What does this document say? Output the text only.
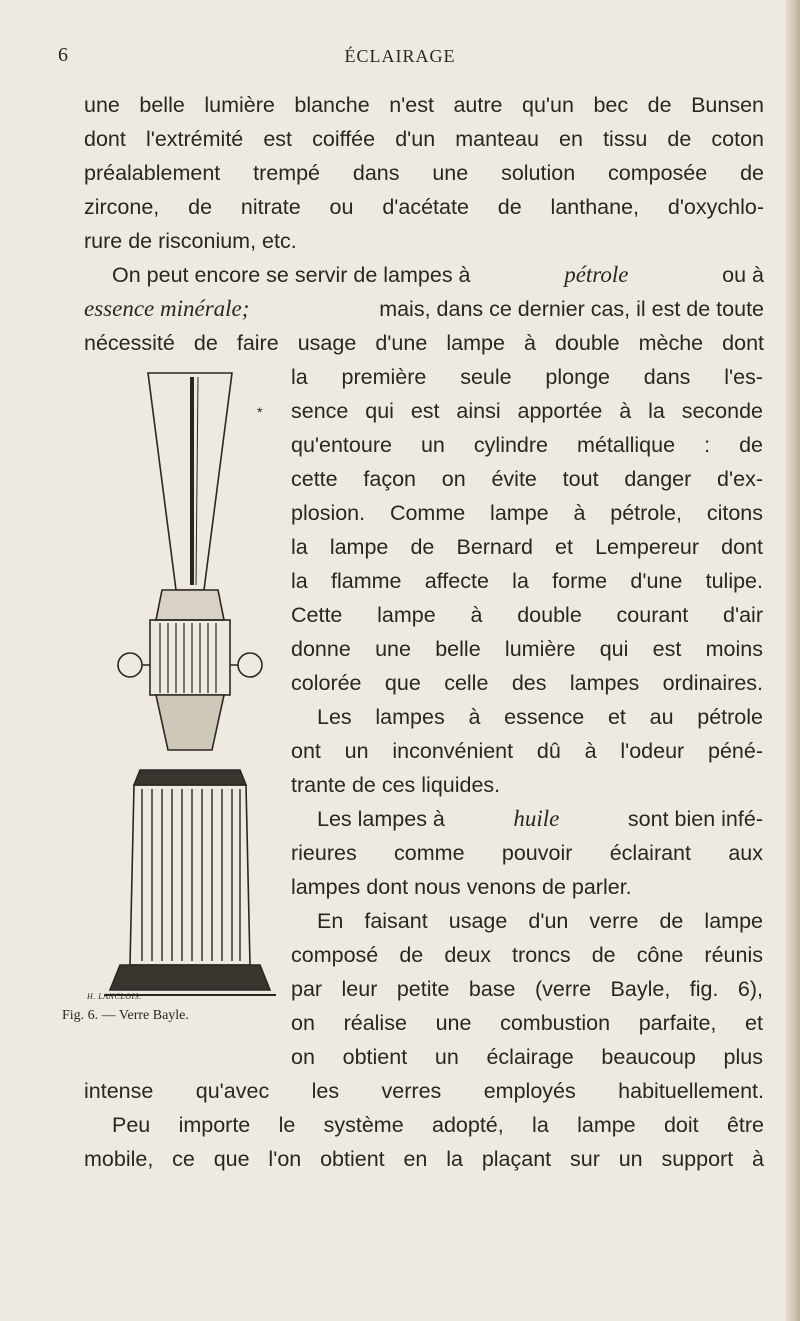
6	ÉCLAIRAGE
une belle lumière blanche n'est autre qu'un bec de Bunsen
dont l'extrémité est coiffée d'un manteau en tissu de coton
préalablement trempé dans une solution composée de
zircone, de nitrate ou d'acétate de lanthane, d'oxychlo-
rure de risconium, etc.
On peut encore se servir de lampes à	pétrole	ou à
essence minérale;	mais, dans ce dernier cas, il est de toute
nécessité de faire usage d'une lampe à double mèche dont
la première seule plonge dans l'es-
sence qui est ainsi apportée à la seconde
qu'entoure un cylindre métallique : de
cette façon on évite tout danger d'ex-
plosion. Comme lampe à pétrole, citons
la lampe de Bernard et Lempereur dont
la flamme affecte la forme d'une tulipe.
Cette lampe à double courant d'air
donne une belle lumière qui est moins
colorée que celle des lampes ordinaires.
Les lampes à essence et au pétrole
ont un inconvénient dû à l'odeur péné-
trante de ces liquides.
Les lampes à	huile	sont bien infé-
rieures comme pouvoir éclairant aux
lampes dont nous venons de parler.
En faisant usage d'un verre de lampe
composé de deux troncs de cône réunis
par leur petite base (verre Bayle, fig. 6),
on réalise une combustion parfaite, et
on obtient un éclairage beaucoup plus
intense qu'avec les verres employés habituellement.
Peu importe le système adopté, la lampe doit être
mobile, ce que l'on obtient en la plaçant sur un support à
*
H. LANCLOIS.
Fig. 6. — Verre Bayle.
